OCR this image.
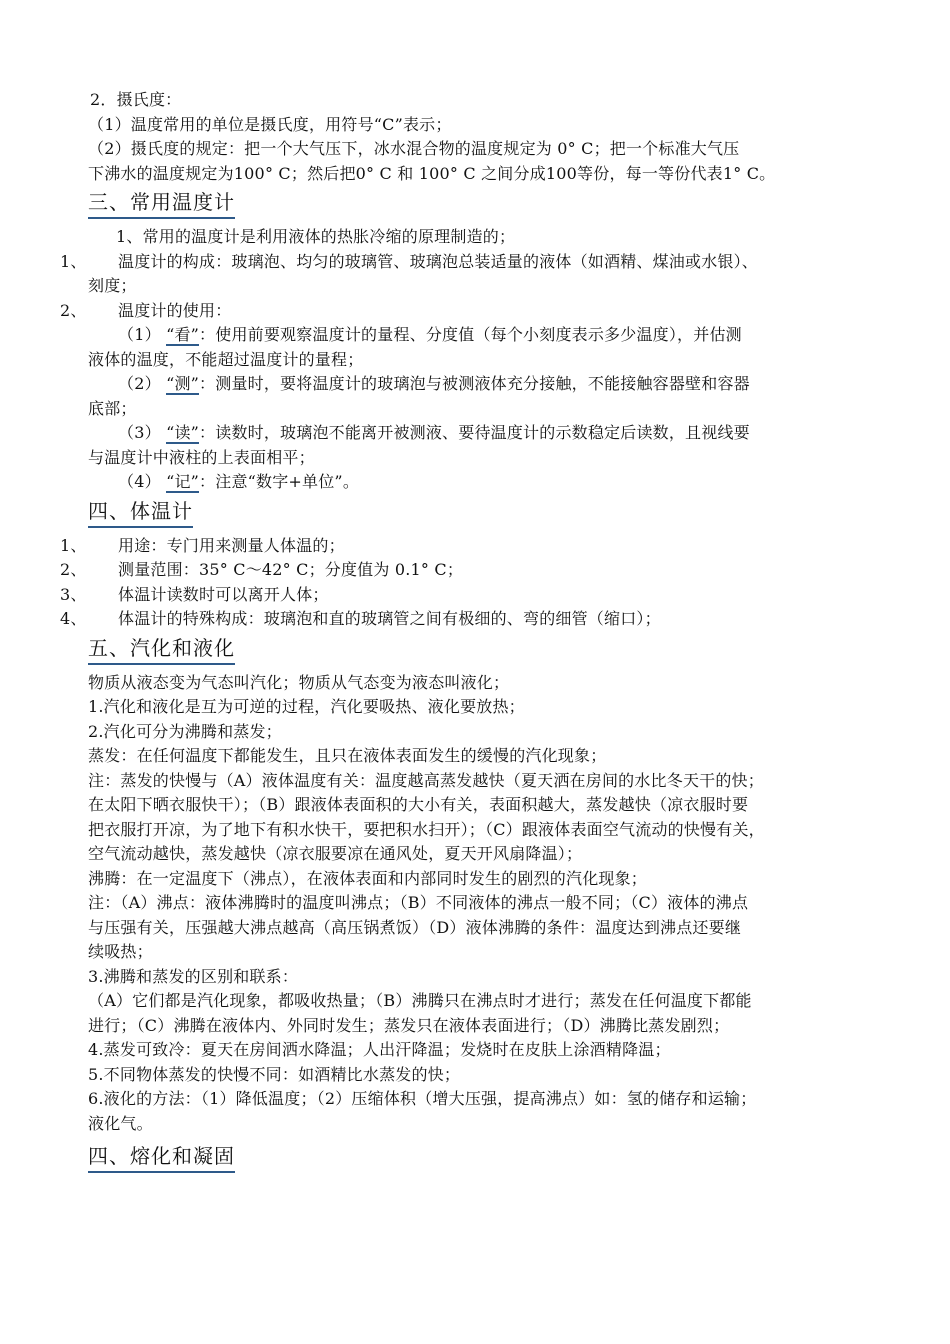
2．摄氏度：
（1）温度常用的单位是摄氏度，用符号“C”表示；
（2）摄氏度的规定：把一个大气压下，冰水混合物的温度规定为 0° C；把一个标准大气压
下沸水的温度规定为100° C；然后把0° C 和 100° C 之间分成100等份，每一等份代表1° C。
三、常用温度计
1、常用的温度计是利用液体的热胀冷缩的原理制造的；
1、 温度计的构成：玻璃泡、均匀的玻璃管、玻璃泡总装适量的液体（如酒精、煤油或水银）、
刻度；
2、 温度计的使用：
（1） “看”：使用前要观察温度计的量程、分度值（每个小刻度表示多少温度），并估测
液体的温度，不能超过温度计的量程；
（2） “测”：测量时，要将温度计的玻璃泡与被测液体充分接触，不能接触容器壁和容器
底部；
（3） “读”：读数时，玻璃泡不能离开被测液、要待温度计的示数稳定后读数，且视线要
与温度计中液柱的上表面相平；
（4） “记”：注意“数字+单位”。
四、体温计
1、 用途：专门用来测量人体温的；
2、 测量范围：35° C～42° C；分度值为 0.1° C；
3、 体温计读数时可以离开人体；
4、 体温计的特殊构成：玻璃泡和直的玻璃管之间有极细的、弯的细管（缩口）；
五、汽化和液化
物质从液态变为气态叫汽化；物质从气态变为液态叫液化；
1.汽化和液化是互为可逆的过程，汽化要吸热、液化要放热；
2.汽化可分为沸腾和蒸发；
蒸发：在任何温度下都能发生，且只在液体表面发生的缓慢的汽化现象；
注：蒸发的快慢与（A）液体温度有关：温度越高蒸发越快（夏天洒在房间的水比冬天干的快；
在太阳下晒衣服快干）；（B）跟液体表面积的大小有关，表面积越大，蒸发越快（凉衣服时要
把衣服打开凉，为了地下有积水快干，要把积水扫开）；（C）跟液体表面空气流动的快慢有关，
空气流动越快，蒸发越快（凉衣服要凉在通风处，夏天开风扇降温）；
沸腾：在一定温度下（沸点），在液体表面和内部同时发生的剧烈的汽化现象；
注：（A）沸点：液体沸腾时的温度叫沸点；（B）不同液体的沸点一般不同；（C）液体的沸点
与压强有关，压强越大沸点越高（高压锅煮饭）（D）液体沸腾的条件：温度达到沸点还要继
续吸热；
3.沸腾和蒸发的区别和联系：
（A）它们都是汽化现象，都吸收热量；（B）沸腾只在沸点时才进行；蒸发在任何温度下都能
进行；（C）沸腾在液体内、外同时发生；蒸发只在液体表面进行；（D）沸腾比蒸发剧烈；
4.蒸发可致冷：夏天在房间洒水降温；人出汗降温；发烧时在皮肤上涂酒精降温；
5.不同物体蒸发的快慢不同：如酒精比水蒸发的快；
6.液化的方法：（1）降低温度；（2）压缩体积（增大压强，提高沸点）如：氢的储存和运输；
液化气。
四、熔化和凝固
